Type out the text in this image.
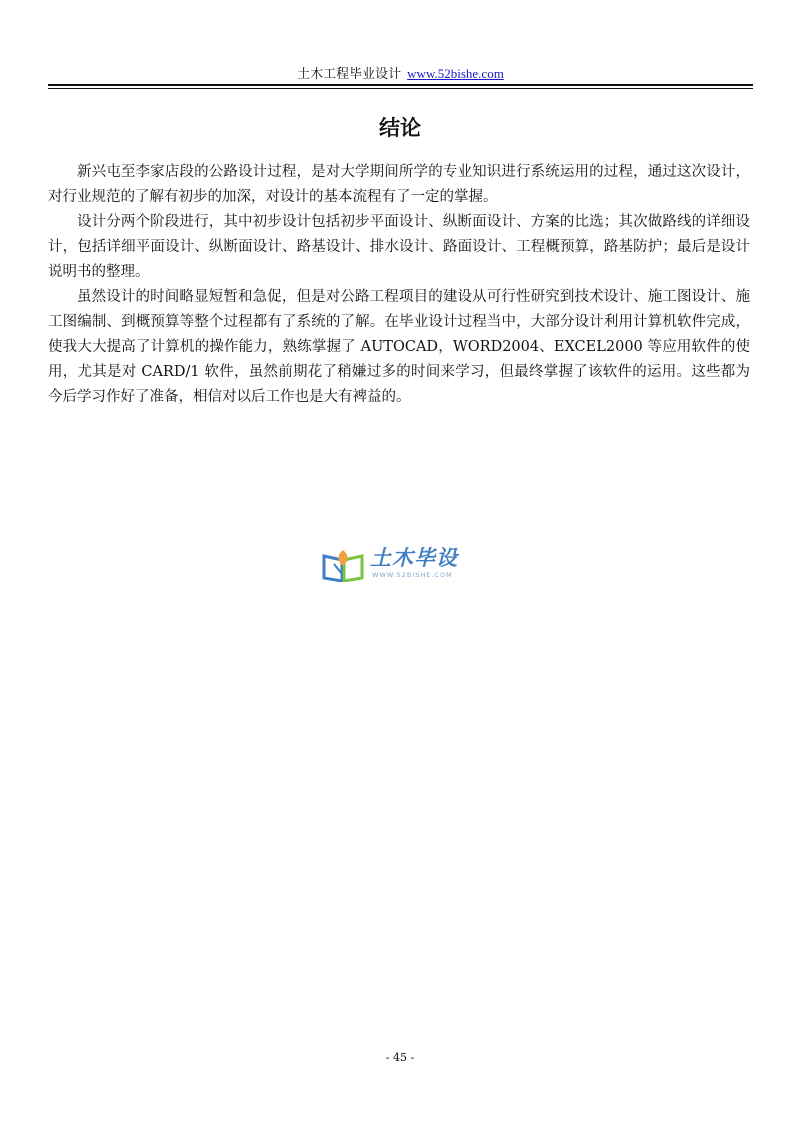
土木工程毕业设计 www.52bishe.com
结论

新兴屯至李家店段的公路设计过程，是对大学期间所学的专业知识进行系统运用的过程，通过这次设计，对行业规范的了解有初步的加深，对设计的基本流程有了一定的掌握。

设计分两个阶段进行，其中初步设计包括初步平面设计、纵断面设计、方案的比选；其次做路线的详细设计，包括详细平面设计、纵断面设计、路基设计、排水设计、路面设计、工程概预算，路基防护；最后是设计说明书的整理。

虽然设计的时间略显短暂和急促，但是对公路工程项目的建设从可行性研究到技术设计、施工图设计、施工图编制、到概预算等整个过程都有了系统的了解。在毕业设计过程当中，大部分设计利用计算机软件完成，使我大大提高了计算机的操作能力，熟练掌握了 AUTOCAD，WORD2004、EXCEL2000 等应用软件的使用，尤其是对 CARD/1 软件，虽然前期花了稍嫌过多的时间来学习，但最终掌握了该软件的运用。这些都为今后学习作好了准备，相信对以后工作也是大有裨益的。

土木毕设
WWW.52BISHE.COM
- 45 -
